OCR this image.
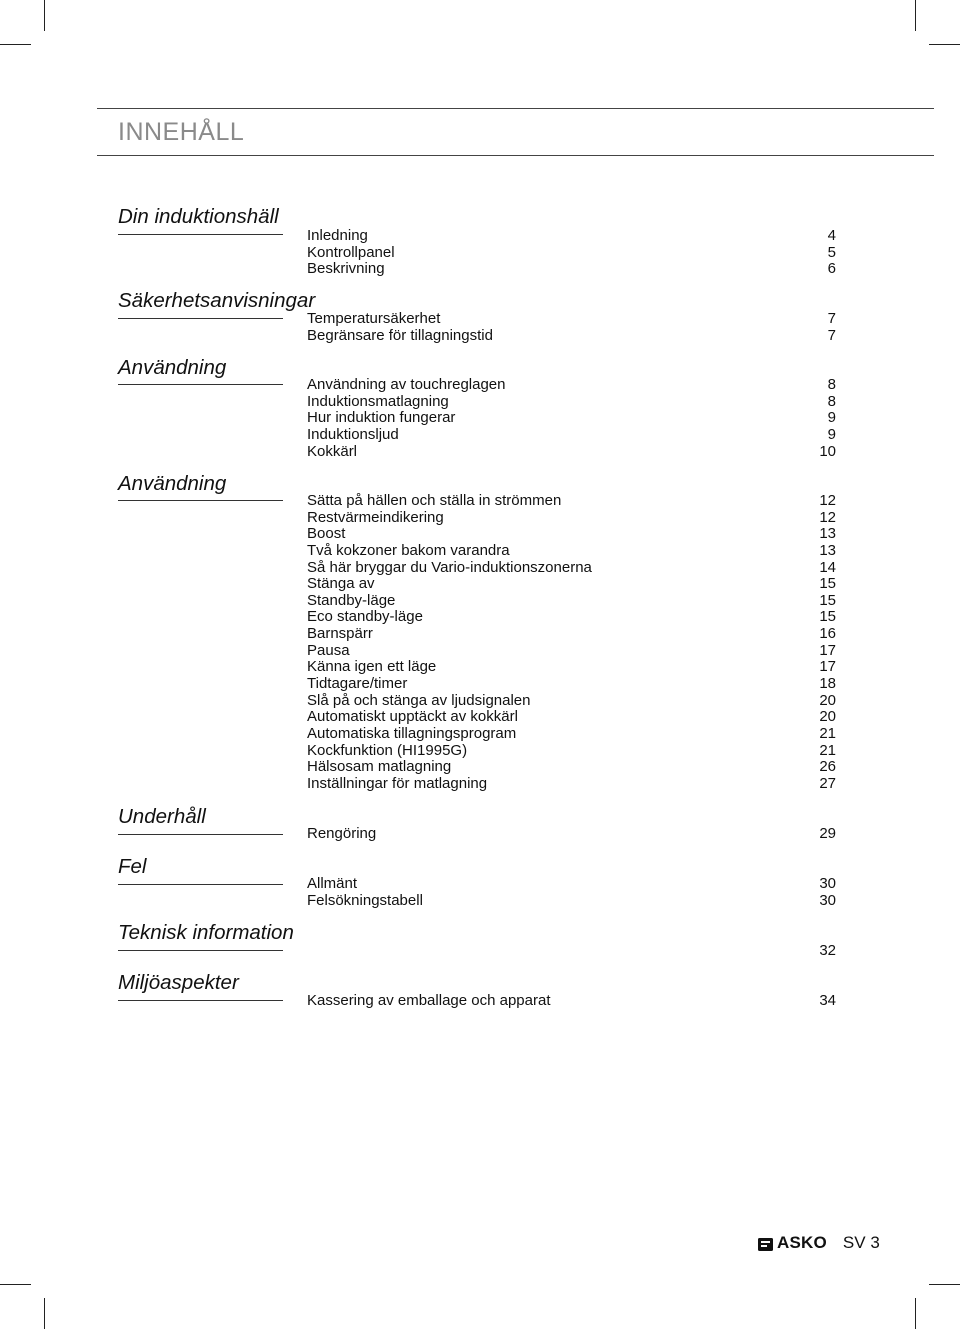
INNEHÅLL
Din induktionshäll
Inledning	4
Kontrollpanel	5
Beskrivning	6
Säkerhetsanvisningar
Temperatursäkerhet	7
Begränsare för tillagningstid	7
Användning
Användning av touchreglagen	8
Induktionsmatlagning	8
Hur induktion fungerar	9
Induktionsljud	9
Kokkärl	10
Användning
Sätta på hällen och ställa in strömmen	12
Restvärmeindikering	12
Boost	13
Två kokzoner bakom varandra	13
Så här bryggar du Vario-induktionszonerna	14
Stänga av	15
Standby-läge	15
Eco standby-läge	15
Barnspärr	16
Pausa	17
Känna igen ett läge	17
Tidtagare/timer	18
Slå på och stänga av ljudsignalen	20
Automatiskt upptäckt av kokkärl	20
Automatiska tillagningsprogram	21
Kockfunktion (HI1995G)	21
Hälsosam matlagning	26
Inställningar för matlagning	27
Underhåll
Rengöring	29
Fel
Allmänt	30
Felsökningstabell	30
Teknisk information
32
Miljöaspekter
Kassering av emballage och apparat	34
ASKO SV 3
